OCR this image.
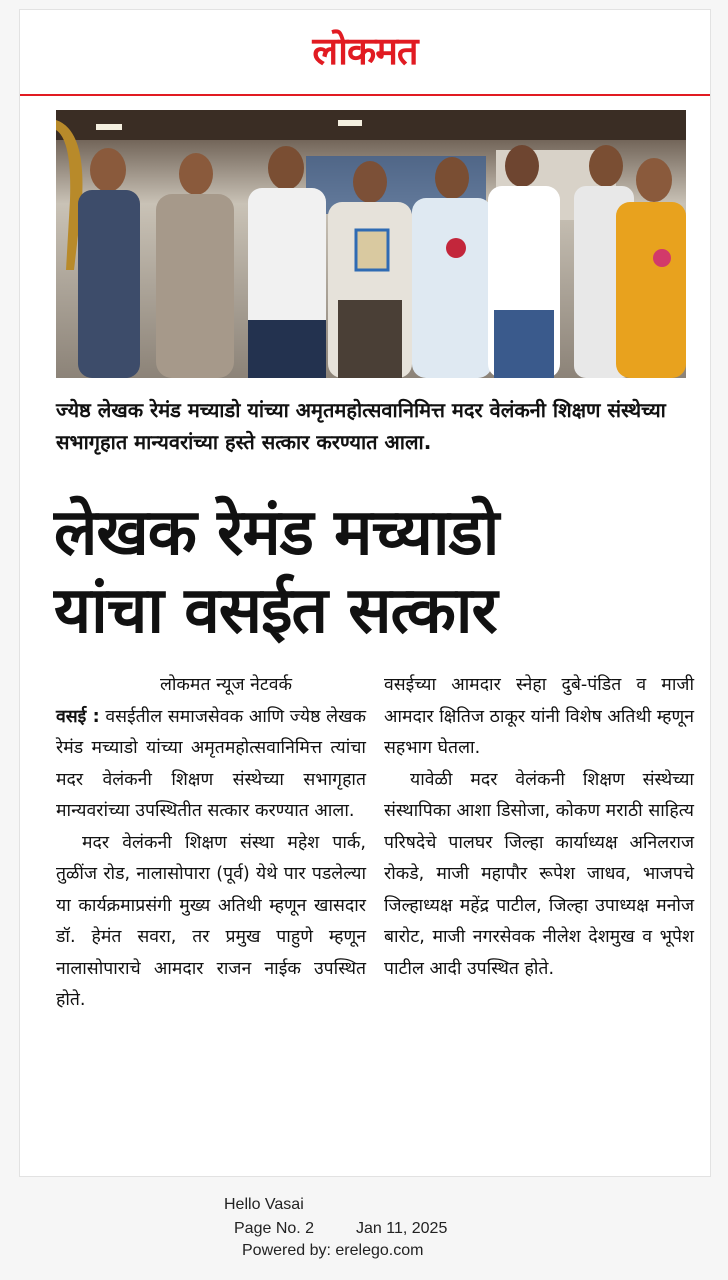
लोकमत
ज्येष्ठ लेखक रेमंड मच्याडो यांच्या अमृतमहोत्सवानिमित्त मदर वेलंकनी शिक्षण संस्थेच्या सभागृहात मान्यवरांच्या हस्ते सत्कार करण्यात आला.
लेखक रेमंड मच्याडो
यांचा वसईत सत्कार

लोकमत न्यूज नेटवर्क

वसई : वसईतील समाजसेवक आणि ज्येष्ठ लेखक रेमंड मच्याडो यांच्या अमृतमहोत्सवानिमित्त त्यांचा मदर वेलंकनी शिक्षण संस्थेच्या सभागृहात मान्यवरांच्या उपस्थितीत सत्कार करण्यात आला.

मदर वेलंकनी शिक्षण संस्था महेश पार्क, तुळींज रोड, नालासोपारा (पूर्व) येथे पार पडलेल्या या कार्यक्रमाप्रसंगी मुख्य अतिथी म्हणून खासदार डॉ. हेमंत सवरा, तर प्रमुख पाहुणे म्हणून नालासोपाराचे आमदार राजन नाईक उपस्थित होते.

वसईच्या आमदार स्नेहा दुबे-पंडित व माजी आमदार क्षितिज ठाकूर यांनी विशेष अतिथी म्हणून सहभाग घेतला.

यावेळी मदर वेलंकनी शिक्षण संस्थेच्या संस्थापिका आशा डिसोजा, कोकण मराठी साहित्य परिषदेचे पालघर जिल्हा कार्याध्यक्ष अनिलराज रोकडे, माजी महापौर रूपेश जाधव, भाजपचे जिल्हाध्यक्ष महेंद्र पाटील, जिल्हा उपाध्यक्ष मनोज बारोट, माजी नगरसेवक नीलेश देशमुख व भूपेश पाटील आदी उपस्थित होते.

Hello Vasai
Page No. 2	Jan 11, 2025
Powered by: erelego.com
